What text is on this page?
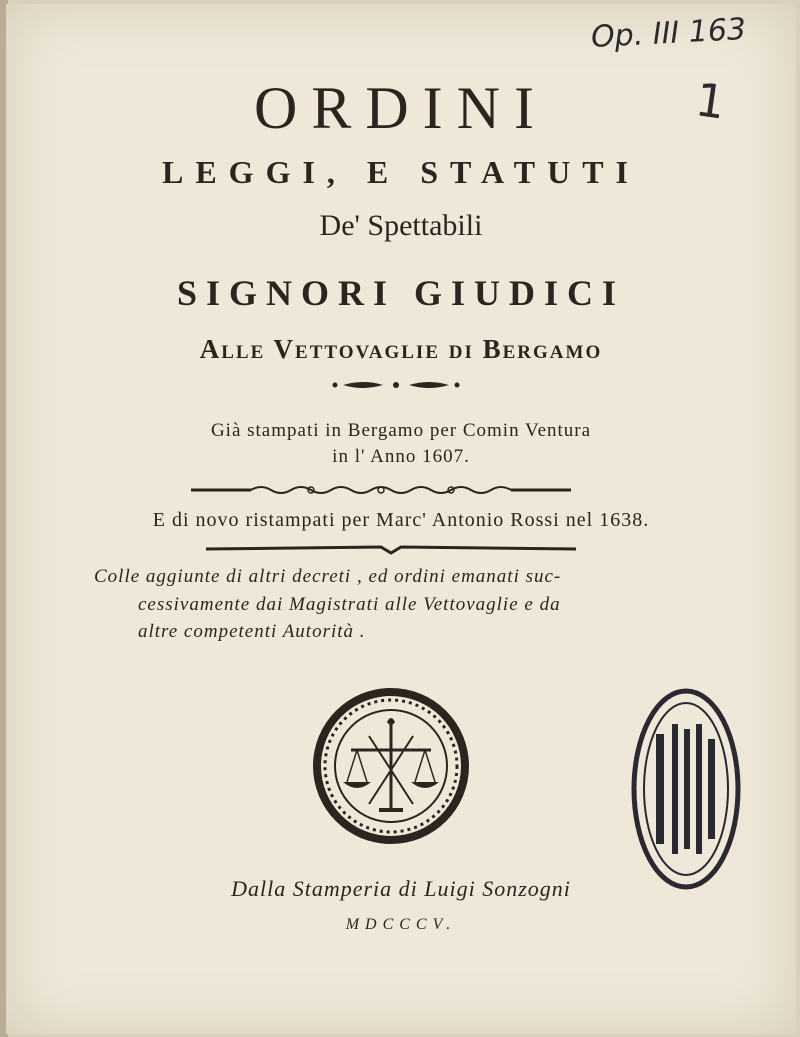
Op. III 163
1
ORDINI
LEGGI, E STATUTI
De' Spettabili
SIGNORI GIUDICI
Alle Vettovaglie di Bergamo
Già stampati in Bergamo per Comin Ventura
in l' Anno 1607.
E di novo ristampati per Marc' Antonio Rossi nel 1638.
Colle aggiunte di altri decreti , ed ordini emanati suc-
cessivamente dai Magistrati alle Vettovaglie e da
altre competenti Autorità .
Dalla Stamperia di Luigi Sonzogni
MDCCCV.
